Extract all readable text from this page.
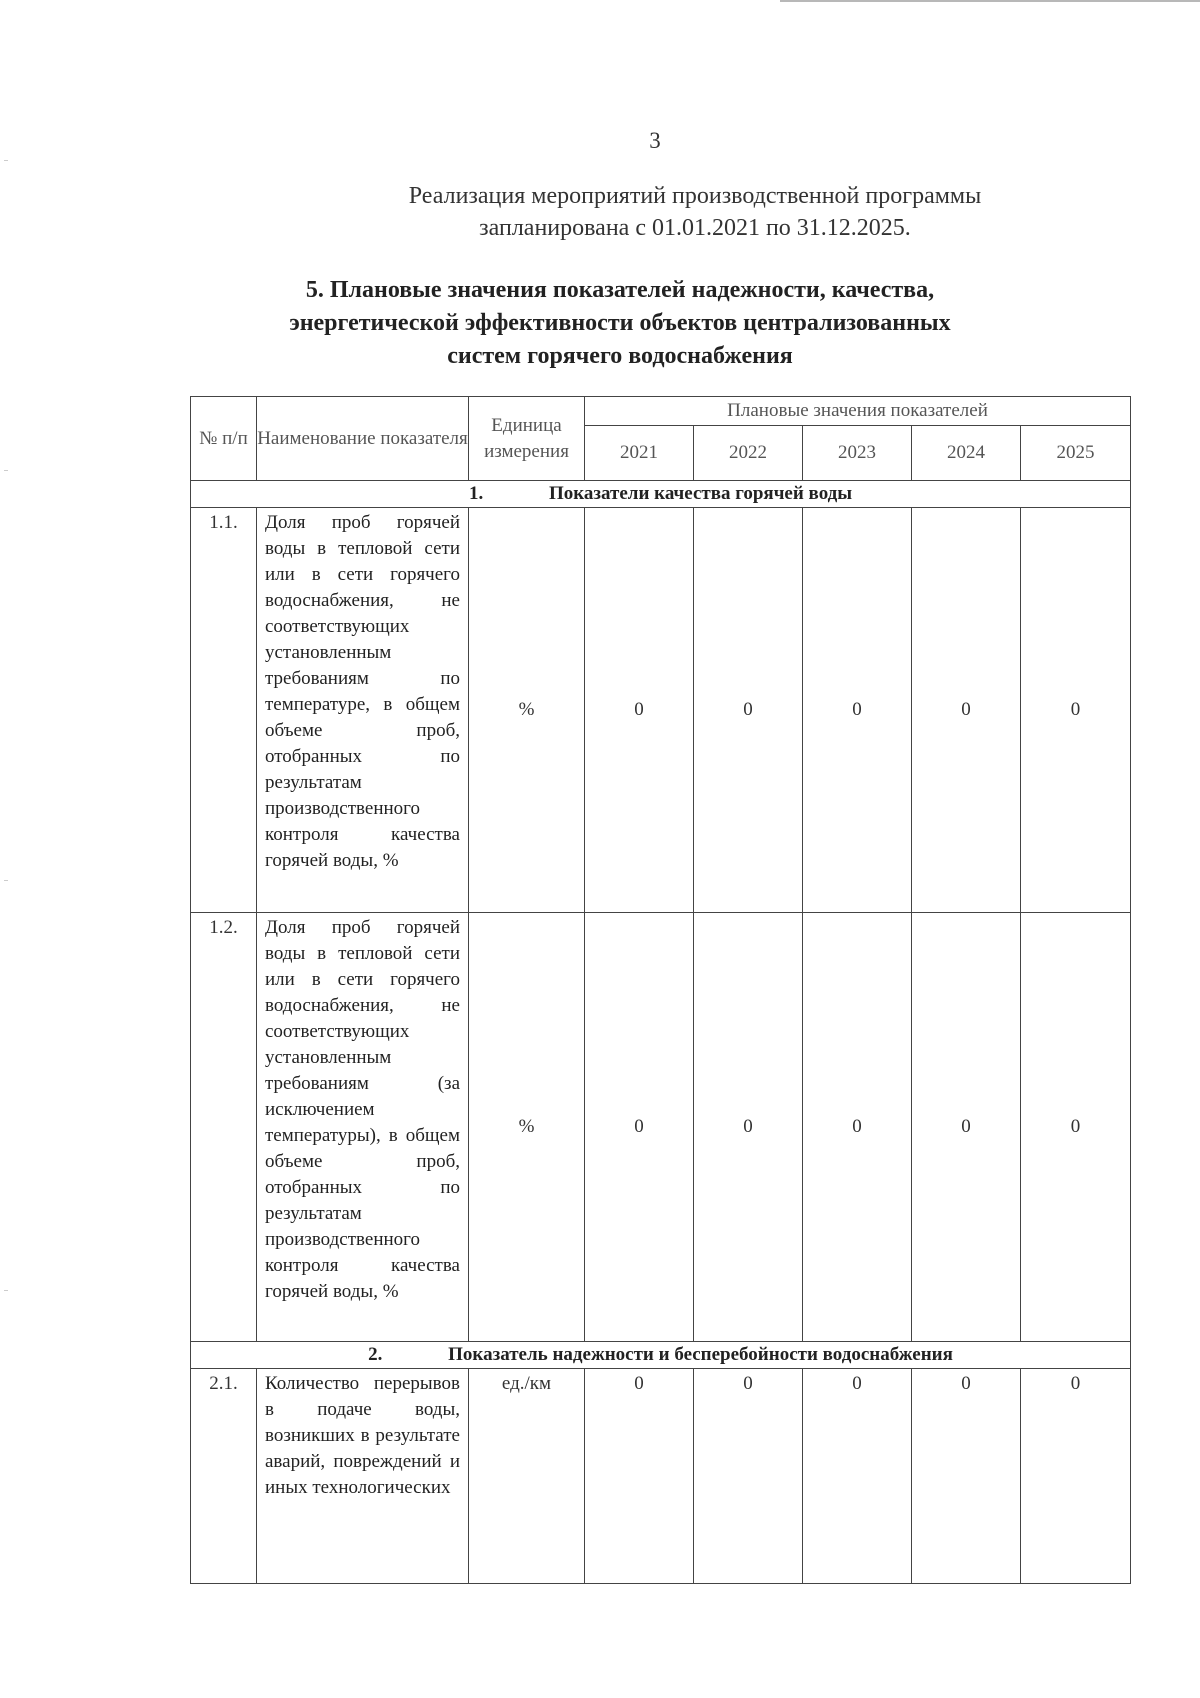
3
Реализация мероприятий производственной программы
запланирована с 01.01.2021 по 31.12.2025.
5. Плановые значения показателей надежности, качества,
энергетической эффективности объектов централизованных
систем горячего водоснабжения
№ п/п	Наименование показателя	Единица измерения	Плановые значения показателей				
			2021	2022	2023	2024	2025
1. Показатели качества горячей воды							
1.1.	Доля проб горячей воды в тепловой сети или в сети горячего водоснабжения, не соответствующих установленным требованиям по температуре, в общем объеме проб, отобранных по результатам производственного контроля качества горячей воды, %	%	0	0	0	0	0
1.2.	Доля проб горячей воды в тепловой сети или в сети горячего водоснабжения, не соответствующих установленным требованиям (за исключением температуры), в общем объеме проб, отобранных по результатам производственного контроля качества горячей воды, %	%	0	0	0	0	0
2. Показатель надежности и бесперебойности водоснабжения							
2.1.	Количество перерывов в подаче воды, возникших в результате аварий, повреждений и иных технологических	ед./км	0	0	0	0	0
